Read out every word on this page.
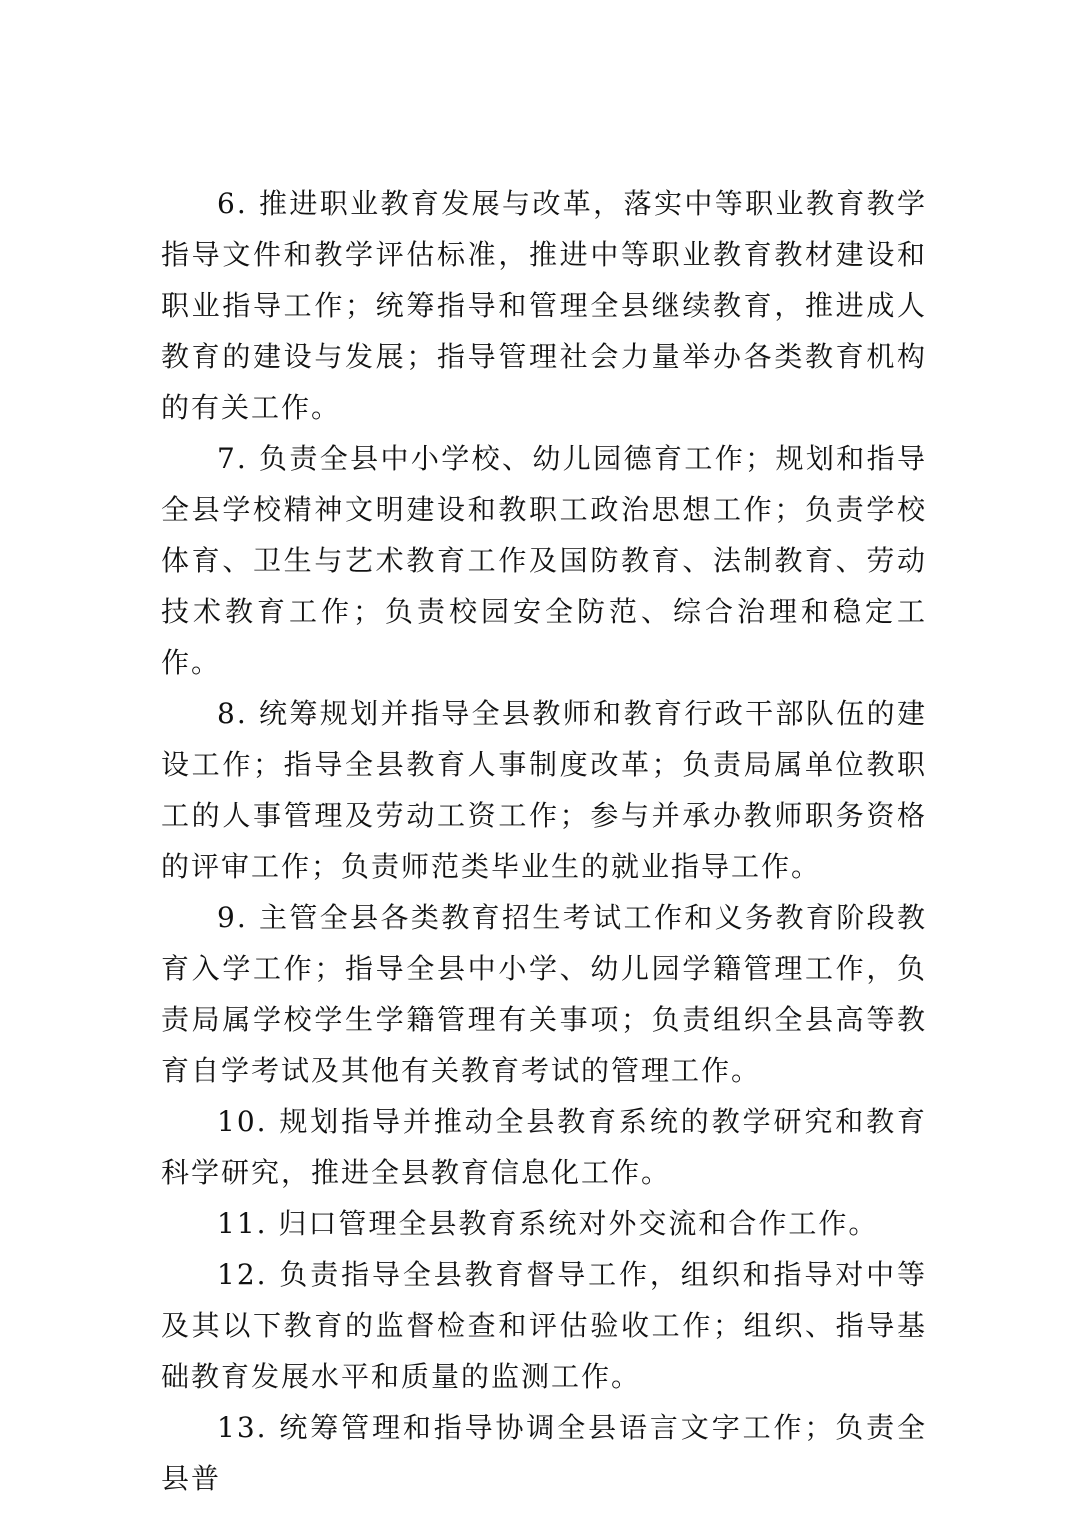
6. 推进职业教育发展与改革，落实中等职业教育教学指导文件和教学评估标准，推进中等职业教育教材建设和职业指导工作；统筹指导和管理全县继续教育，推进成人教育的建设与发展；指导管理社会力量举办各类教育机构的有关工作。

7. 负责全县中小学校、幼儿园德育工作；规划和指导全县学校精神文明建设和教职工政治思想工作；负责学校体育、卫生与艺术教育工作及国防教育、法制教育、劳动技术教育工作；负责校园安全防范、综合治理和稳定工作。

8. 统筹规划并指导全县教师和教育行政干部队伍的建设工作；指导全县教育人事制度改革；负责局属单位教职工的人事管理及劳动工资工作；参与并承办教师职务资格的评审工作；负责师范类毕业生的就业指导工作。

9. 主管全县各类教育招生考试工作和义务教育阶段教育入学工作；指导全县中小学、幼儿园学籍管理工作，负责局属学校学生学籍管理有关事项；负责组织全县高等教育自学考试及其他有关教育考试的管理工作。

10. 规划指导并推动全县教育系统的教学研究和教育科学研究，推进全县教育信息化工作。

11. 归口管理全县教育系统对外交流和合作工作。

12. 负责指导全县教育督导工作，组织和指导对中等及其以下教育的监督检查和评估验收工作；组织、指导基础教育发展水平和质量的监测工作。

13. 统筹管理和指导协调全县语言文字工作；负责全县普
